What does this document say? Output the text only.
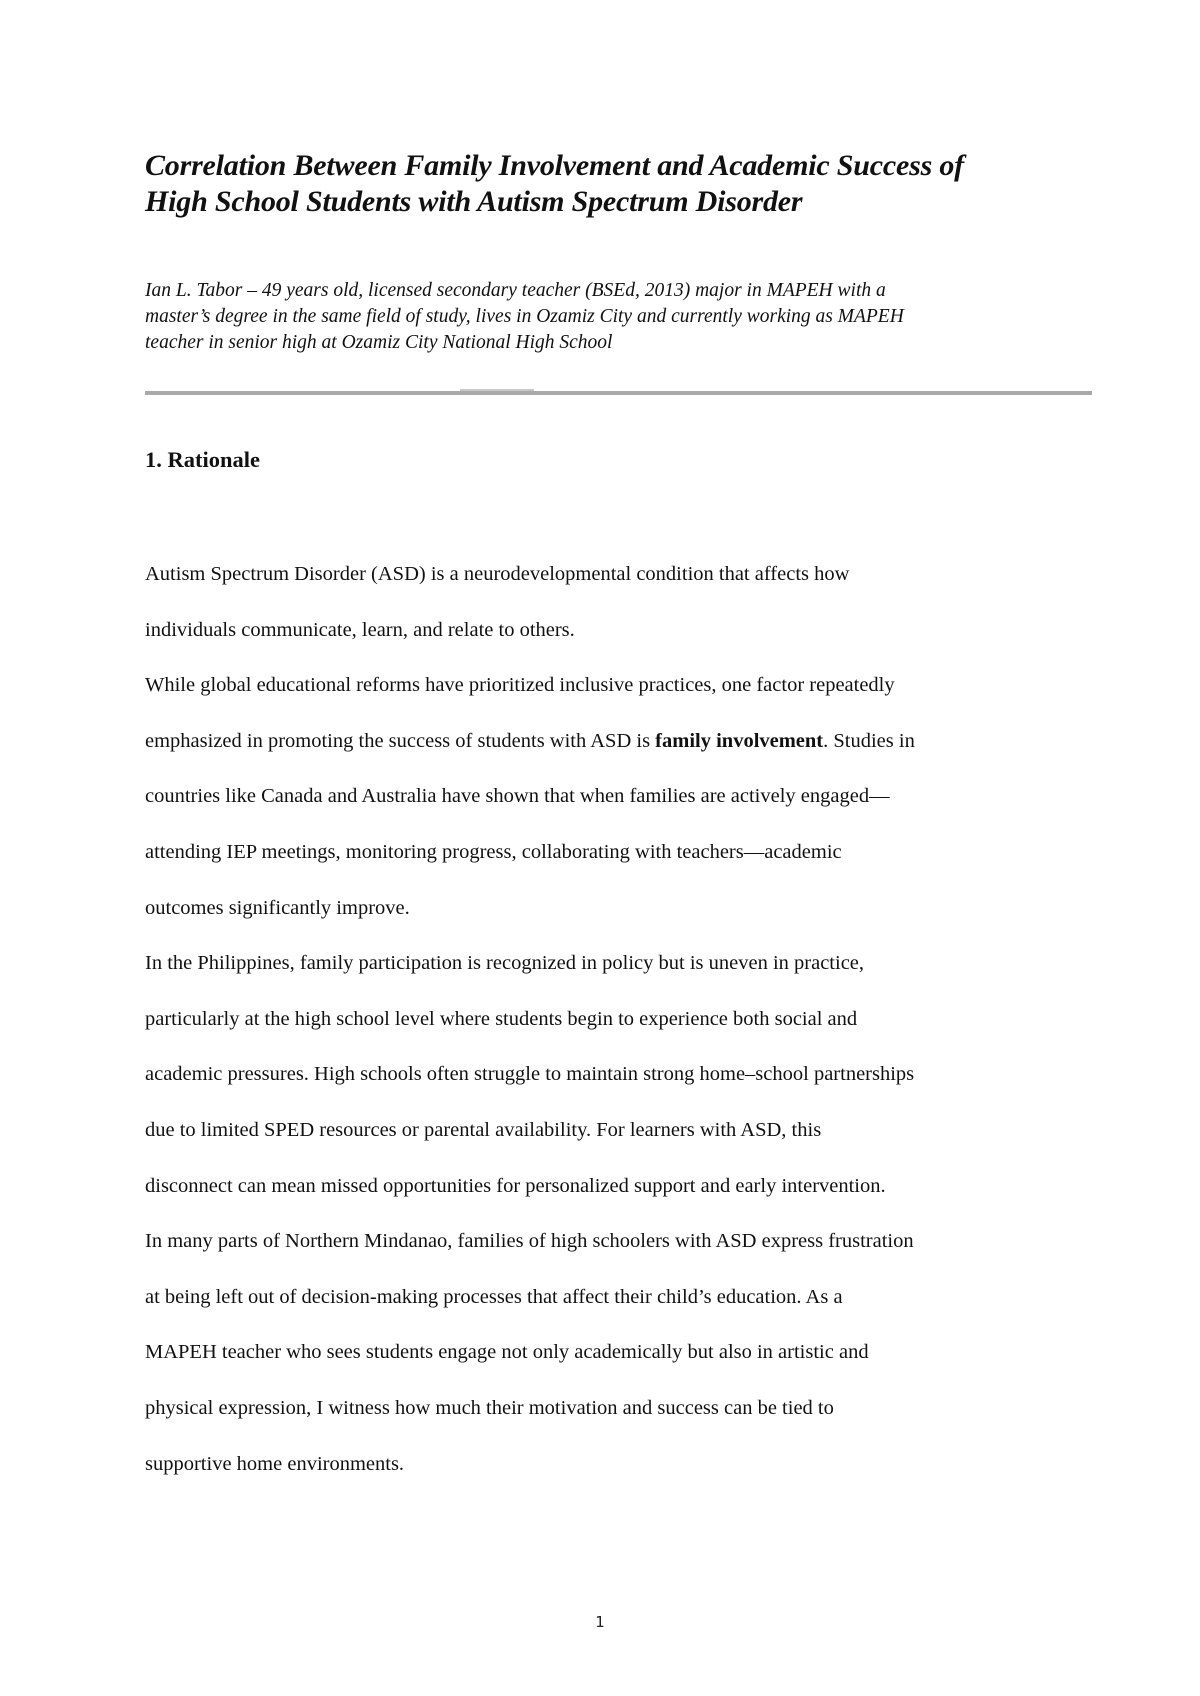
Correlation Between Family Involvement and Academic Success of
High School Students with Autism Spectrum Disorder

Ian L. Tabor – 49 years old, licensed secondary teacher (BSEd, 2013) major in MAPEH with a
master’s degree in the same field of study, lives in Ozamiz City and currently working as MAPEH
teacher in senior high at Ozamiz City National High School

1. Rationale
Autism Spectrum Disorder (ASD) is a neurodevelopmental condition that affects how
individuals communicate, learn, and relate to others.
While global educational reforms have prioritized inclusive practices, one factor repeatedly
emphasized in promoting the success of students with ASD is family involvement. Studies in
countries like Canada and Australia have shown that when families are actively engaged—
attending IEP meetings, monitoring progress, collaborating with teachers—academic
outcomes significantly improve.
In the Philippines, family participation is recognized in policy but is uneven in practice,
particularly at the high school level where students begin to experience both social and
academic pressures. High schools often struggle to maintain strong home–school partnerships
due to limited SPED resources or parental availability. For learners with ASD, this
disconnect can mean missed opportunities for personalized support and early intervention.
In many parts of Northern Mindanao, families of high schoolers with ASD express frustration
at being left out of decision-making processes that affect their child’s education. As a
MAPEH teacher who sees students engage not only academically but also in artistic and
physical expression, I witness how much their motivation and success can be tied to
supportive home environments.
1
